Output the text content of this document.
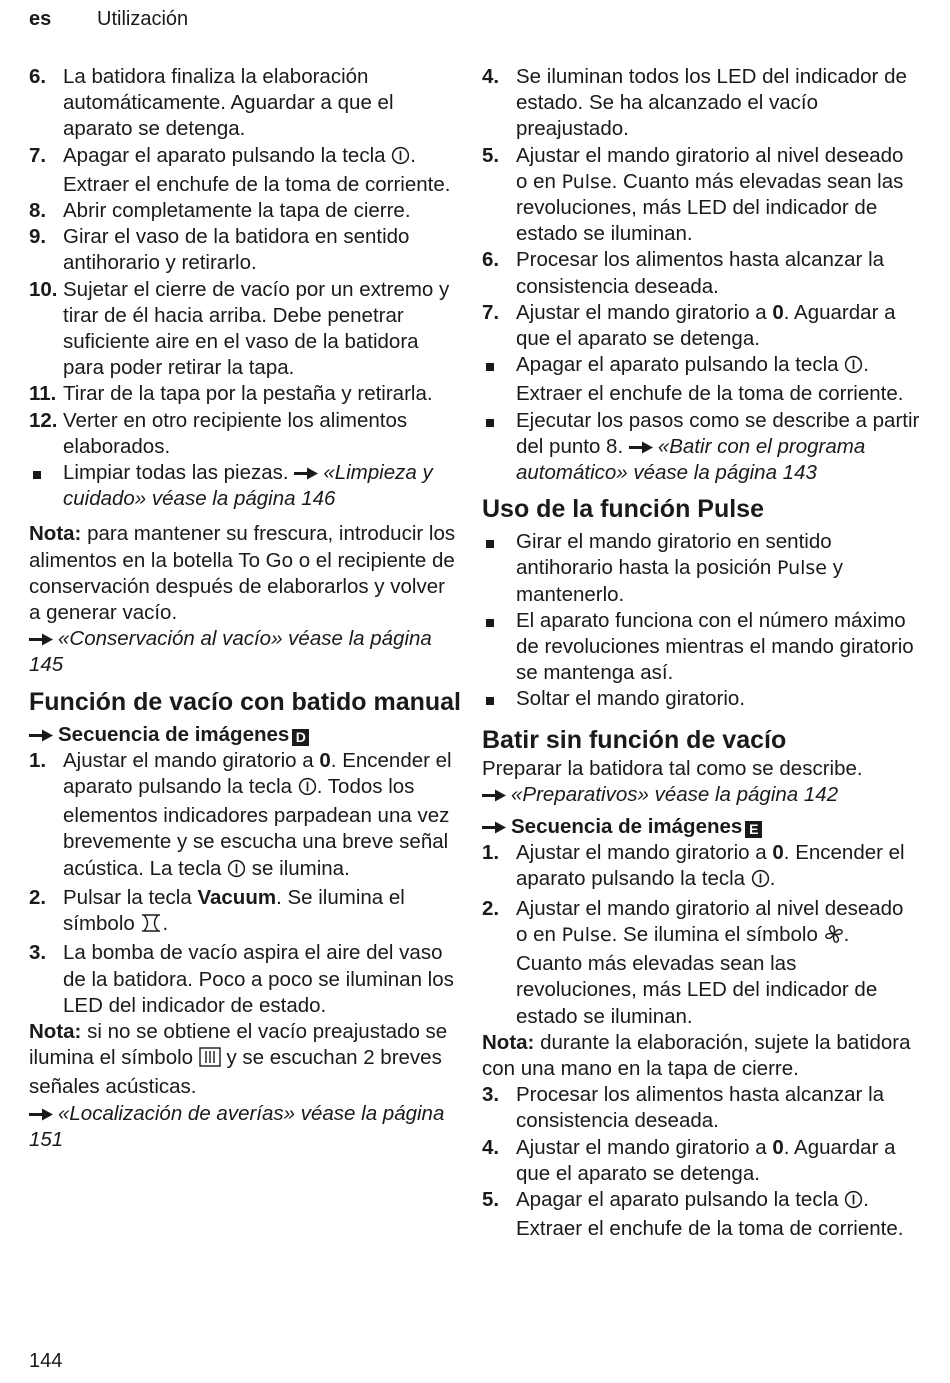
es Utilización
6. La batidora finaliza la elaboración automáticamente. Aguardar a que el aparato se detenga.
7. Apagar el aparato pulsando la tecla . Extraer el enchufe de la toma de corriente.
8. Abrir completamente la tapa de cierre.
9. Girar el vaso de la batidora en sentido antihorario y retirarlo.
10. Sujetar el cierre de vacío por un extremo y tirar de él hacia arriba. Debe penetrar suficiente aire en el vaso de la batidora para poder retirar la tapa.
11. Tirar de la tapa por la pestaña y retirarla.
12. Verter en otro recipiente los alimentos elaborados.
Limpiar todas las piezas.
«Limpieza y cuidado» véase la página 146
Nota: para mantener su frescura, introducir los alimentos en la botella To Go o el recipiente de conservación después de elaborarlos y volver a generar vacío.
«Conservación al vacío» véase la página 145
Función de vacío con batido manual
Secuencia de imágenes D
1. Ajustar el mando giratorio a 0. Encender el aparato pulsando la tecla . Todos los elementos indicadores parpadean una vez brevemente y se escucha una breve señal acústica. La tecla  se ilumina.
2. Pulsar la tecla Vacuum. Se ilumina el símbolo .
3. La bomba de vacío aspira el aire del vaso de la batidora. Poco a poco se iluminan los LED del indicador de estado.
Nota: si no se obtiene el vacío preajustado se ilumina el símbolo  y se escuchan 2 breves señales acústicas.
«Localización de averías» véase la página 151
4. Se iluminan todos los LED del indicador de estado. Se ha alcanzado el vacío preajustado.
5. Ajustar el mando giratorio al nivel deseado o en Pulse. Cuanto más elevadas sean las revoluciones, más LED del indicador de estado se iluminan.
6. Procesar los alimentos hasta alcanzar la consistencia deseada.
7. Ajustar el mando giratorio a 0. Aguardar a que el aparato se detenga.
Apagar el aparato pulsando la tecla . Extraer el enchufe de la toma de corriente.
Ejecutar los pasos como se describe a partir del punto 8.
«Batir con el programa automático» véase la página 143
Uso de la función Pulse
Girar el mando giratorio en sentido antihorario hasta la posición Pulse y mantenerlo.
El aparato funciona con el número máximo de revoluciones mientras el mando giratorio se mantenga así.
Soltar el mando giratorio.
Batir sin función de vacío
Preparar la batidora tal como se describe.
«Preparativos» véase la página 142
Secuencia de imágenes E
1. Ajustar el mando giratorio a 0. Encender el aparato pulsando la tecla .
2. Ajustar el mando giratorio al nivel deseado o en Pulse. Se ilumina el símbolo . Cuanto más elevadas sean las revoluciones, más LED del indicador de estado se iluminan.
Nota: durante la elaboración, sujete la batidora con una mano en la tapa de cierre.
3. Procesar los alimentos hasta alcanzar la consistencia deseada.
4. Ajustar el mando giratorio a 0. Aguardar a que el aparato se detenga.
5. Apagar el aparato pulsando la tecla . Extraer el enchufe de la toma de corriente.
144
